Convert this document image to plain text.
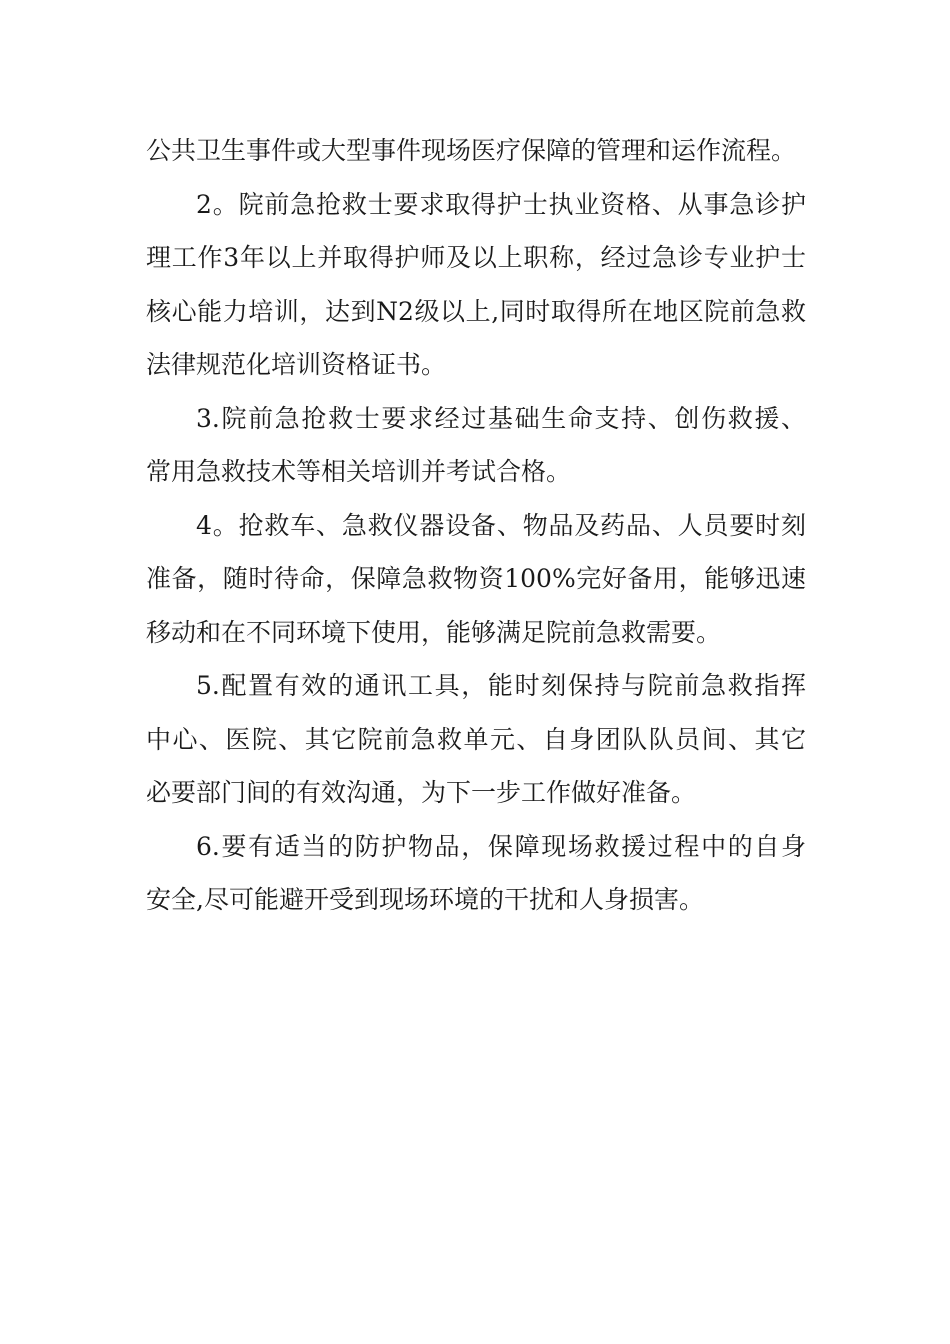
公共卫生事件或大型事件现场医疗保障的管理和运作流程。

2。院前急抢救士要求取得护士执业资格、从事急诊护

理工作3年以上并取得护师及以上职称，经过急诊专业护士

核心能力培训，达到N2级以上,同时取得所在地区院前急救

法律规范化培训资格证书。

3.院前急抢救士要求经过基础生命支持、创伤救援、

常用急救技术等相关培训并考试合格。

4。抢救车、急救仪器设备、物品及药品、人员要时刻

准备，随时待命，保障急救物资100%完好备用，能够迅速

移动和在不同环境下使用，能够满足院前急救需要。

5.配置有效的通讯工具，能时刻保持与院前急救指挥

中心、医院、其它院前急救单元、自身团队队员间、其它

必要部门间的有效沟通，为下一步工作做好准备。

6.要有适当的防护物品，保障现场救援过程中的自身

安全,尽可能避开受到现场环境的干扰和人身损害。
